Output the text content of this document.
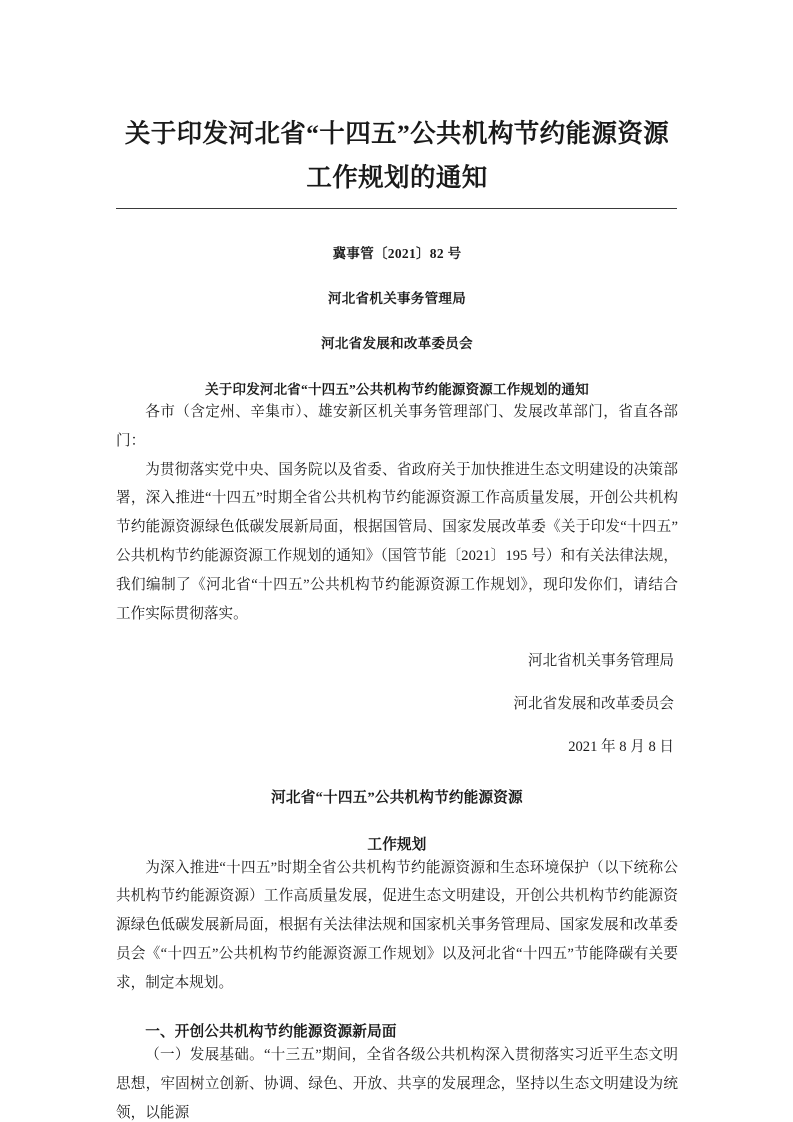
关于印发河北省“十四五”公共机构节约能源资源工作规划的通知
冀事管〔2021〕82 号
河北省机关事务管理局
河北省发展和改革委员会
关于印发河北省“十四五”公共机构节约能源资源工作规划的通知

各市（含定州、辛集市）、雄安新区机关事务管理部门、发展改革部门，省直各部门：

为贯彻落实党中央、国务院以及省委、省政府关于加快推进生态文明建设的决策部署，深入推进“十四五”时期全省公共机构节约能源资源工作高质量发展，开创公共机构节约能源资源绿色低碳发展新局面，根据国管局、国家发展改革委《关于印发“十四五”公共机构节约能源资源工作规划的通知》（国管节能〔2021〕195 号）和有关法律法规，我们编制了《河北省“十四五”公共机构节约能源资源工作规划》，现印发你们，请结合工作实际贯彻落实。

河北省机关事务管理局
河北省发展和改革委员会
2021 年 8 月 8 日
河北省“十四五”公共机构节约能源资源
工作规划

为深入推进“十四五”时期全省公共机构节约能源资源和生态环境保护（以下统称公共机构节约能源资源）工作高质量发展，促进生态文明建设，开创公共机构节约能源资源绿色低碳发展新局面，根据有关法律法规和国家机关事务管理局、国家发展和改革委员会《“十四五”公共机构节约能源资源工作规划》以及河北省“十四五”节能降碳有关要求，制定本规划。

一、开创公共机构节约能源资源新局面

（一）发展基础。“十三五”期间，全省各级公共机构深入贯彻落实习近平生态文明思想，牢固树立创新、协调、绿色、开放、共享的发展理念，坚持以生态文明建设为统领，以能源
